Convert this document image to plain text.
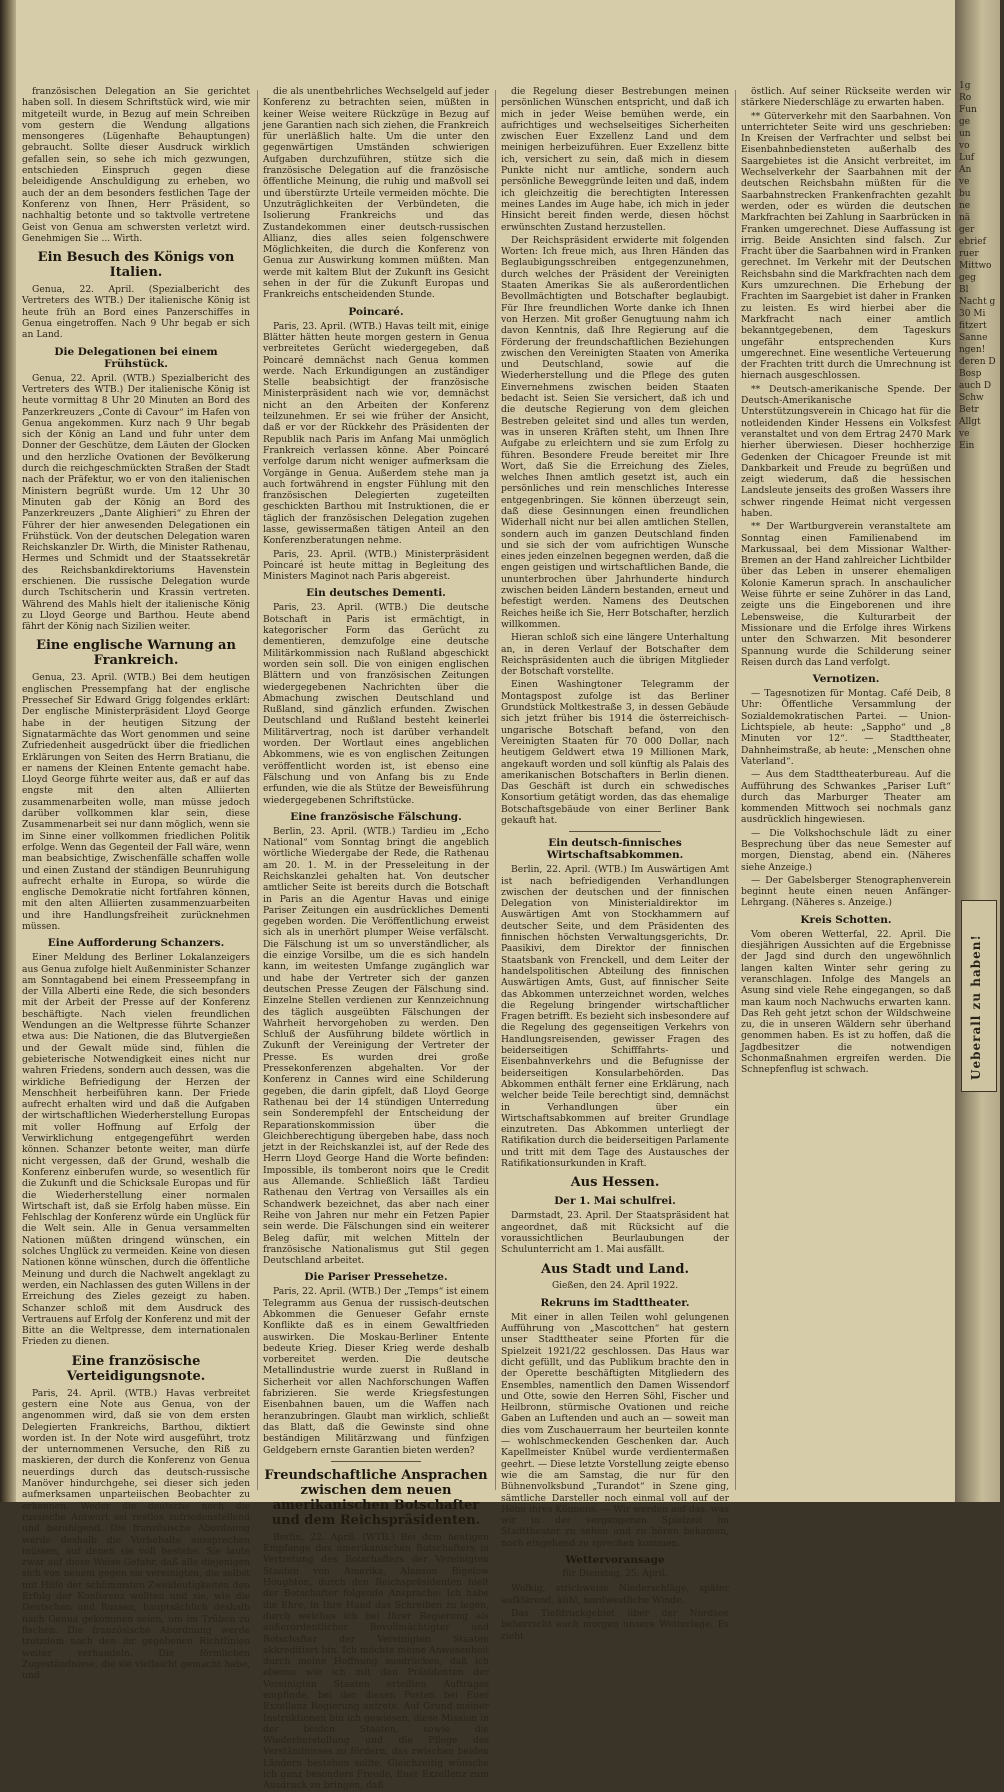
französischen Delegation an Sie gerichtet haben soll. In diesem Schriftstück wird, wie mir mitgeteilt wurde, in Bezug auf mein Schreiben vom gestern die Wendung allgations mensongeres (Lügenhafte Behauptungen) gebraucht. Sollte dieser Ausdruck wirklich gefallen sein, so sehe ich mich gezwungen, entschieden Einspruch gegen diese beleidigende Anschuldigung zu erheben, wo auch der an dem besonders festlichen Tage der Konferenz von Ihnen, Herr Präsident, so nachhaltig betonte und so taktvolle vertretene Geist von Genua am schwersten verletzt wird. Genehmigen Sie ... Wirth.

Ein Besuch des Königs von Italien.

Genua, 22. April. (Spezialbericht des Vertreters des WTB.) Der italienische König ist heute früh an Bord eines Panzerschiffes in Genua eingetroffen. Nach 9 Uhr begab er sich an Land.

Die Delegationen bei einem Frühstück.

Genua, 22. April. (WTB.) Spezialbericht des Vertreters des WTB.) Der italienische König ist heute vormittag 8 Uhr 20 Minuten an Bord des Panzerkreuzers „Conte di Cavour“ im Hafen von Genua angekommen. Kurz nach 9 Uhr begab sich der König an Land und fuhr unter dem Donner der Geschütze, dem Läuten der Glocken und den herzliche Ovationen der Bevölkerung durch die reichgeschmückten Straßen der Stadt nach der Präfektur, wo er von den italienischen Ministern begrüßt wurde. Um 12 Uhr 30 Minuten gab der König an Bord des Panzerkreuzers „Dante Alighieri“ zu Ehren der Führer der hier anwesenden Delegationen ein Frühstück. Von der deutschen Delegation waren Reichskanzler Dr. Wirth, die Minister Rathenau, Hermes und Schmidt und der Staatssekretär des Reichsbankdirektoriums Havenstein erschienen. Die russische Delegation wurde durch Tschitscherin und Krassin vertreten. Während des Mahls hielt der italienische König zu Lloyd George und Barthou. Heute abend fährt der König nach Sizilien weiter.

Eine englische Warnung an Frankreich.

Genua, 23. April. (WTB.) Bei dem heutigen englischen Pressempfang hat der englische Pressechef Sir Edward Grigg folgendes erklärt: Der englische Ministerpräsident Lloyd George habe in der heutigen Sitzung der Signatarmächte das Wort genommen und seine Zufriedenheit ausgedrückt über die friedlichen Erklärungen von Seiten des Herrn Bratianu, die er namens der Kleinen Entente gemacht habe. Lloyd George führte weiter aus, daß er auf das engste mit den alten Alliierten zusammenarbeiten wolle, man müsse jedoch darüber vollkommen klar sein, diese Zusammenarbeit sei nur dann möglich, wenn sie im Sinne einer vollkommen friedlichen Politik erfolge. Wenn das Gegenteil der Fall wäre, wenn man beabsichtige, Zwischenfälle schaffen wolle und einen Zustand der ständigen Beunruhigung aufrecht erhalte in Europa, so würde die englische Demokratie nicht fortfahren können, mit den alten Alliierten zusammenzuarbeiten und ihre Handlungsfreiheit zurücknehmen müssen.

Eine Aufforderung Schanzers.

Einer Meldung des Berliner Lokalanzeigers aus Genua zufolge hielt Außenminister Schanzer am Sonntagabend bei einem Presseempfang in der Villa Alberti eine Rede, die sich besonders mit der Arbeit der Presse auf der Konferenz beschäftigte. Nach vielen freundlichen Wendungen an die Weltpresse führte Schanzer etwa aus: Die Nationen, die das Blutvergießen und der Gewalt müde sind, fühlen die gebieterische Notwendigkeit eines nicht nur wahren Friedens, sondern auch dessen, was die wirkliche Befriedigung der Herzen der Menschheit herbeiführen kann. Der Friede aufrecht erhalten wird und daß die Aufgaben der wirtschaftlichen Wiederherstellung Europas mit voller Hoffnung auf Erfolg der Verwirklichung entgegengeführt werden können. Schanzer betonte weiter, man dürfe nicht vergessen, daß der Grund, weshalb die Konferenz einberufen wurde, so wesentlich für die Zukunft und die Schicksale Europas und für die Wiederherstellung einer normalen Wirtschaft ist, daß sie Erfolg haben müsse. Ein Fehlschlag der Konferenz würde ein Unglück für die Welt sein. Alle in Genua versammelten Nationen müßten dringend wünschen, ein solches Unglück zu vermeiden. Keine von diesen Nationen könne wünschen, durch die öffentliche Meinung und durch die Nachwelt angeklagt zu werden, ein Nachlassen des guten Willens in der Erreichung des Zieles gezeigt zu haben. Schanzer schloß mit dem Ausdruck des Vertrauens auf Erfolg der Konferenz und mit der Bitte an die Weltpresse, dem internationalen Frieden zu dienen.

Eine französische Verteidigungsnote.

Paris, 24. April. (WTB.) Havas verbreitet gestern eine Note aus Genua, von der angenommen wird, daß sie von dem ersten Delegierten Frankreichs, Barthou, diktiert worden ist. In der Note wird ausgeführt, trotz der unternommenen Versuche, den Riß zu maskieren, der durch die Konferenz von Genua neuerdings durch das deutsch-russische Manöver hindurchgehe, sei dieser sich jeden aufmerksamen unparteiischen Beobachter zu erkennen. Weder die deutsche noch die russische Antwort sei restlos zufriedenstellend und beruhigend. Die französische Abordnung werde deshalb die Vorbehalte aussprechen müssen, auf denen sie voll bestehe. Sie laute zwar auf diese Weise Gefahr, daß alle diejenigen sich von neuem gegen sie vereinigten, die selbst mit Hilfe der schlimmsten Zweideutigkeiten den Erfolg der Konferenz wollten und sie, wie die Deutschen und Russen, hauptsächlich deshalb nach Genua gekommen seien, um im Trüben zu fischen. Die französische Abordnung werde trotzdem nach den ihr gegebenen Richtlinien weiter verhandeln. Die förmlichen Zugeständnisse, die sie vielleicht gemacht habe, und

die als unentbehrliches Wechselgeld auf jeder Konferenz zu betrachten seien, müßten in keiner Weise weitere Rückzüge in Bezug auf jene Garantien nach sich ziehen, die Frankreich für unerläßlich halte. Um die unter den gegenwärtigen Umständen schwierigen Aufgaben durchzuführen, stütze sich die französische Delegation auf die französische öffentliche Meinung, die ruhig und maßvoll sei und überstürzte Urteile vermeiden möchte. Die Unzuträglichkeiten der Verbündeten, die Isolierung Frankreichs und das Zustandekommen einer deutsch-russischen Allianz, dies alles seien folgenschwere Möglichkeiten, die durch die Konferenz von Genua zur Auswirkung kommen müßten. Man werde mit kaltem Blut der Zukunft ins Gesicht sehen in der für die Zukunft Europas und Frankreichs entscheidenden Stunde.

Poincaré.

Paris, 23. April. (WTB.) Havas teilt mit, einige Blätter hätten heute morgen gestern in Genua verbreitetes Gerücht wiedergegeben, daß Poincaré demnächst nach Genua kommen werde. Nach Erkundigungen an zuständiger Stelle beabsichtigt der französische Ministerpräsident nach wie vor, demnächst nicht an den Arbeiten der Konferenz teilzunehmen. Er sei wie früher der Ansicht, daß er vor der Rückkehr des Präsidenten der Republik nach Paris im Anfang Mai unmöglich Frankreich verlassen könne. Aber Poincaré verfolge darum nicht weniger aufmerksam die Vorgänge in Genua. Außerdem stehe man ja auch fortwährend in engster Fühlung mit den französischen Delegierten zugeteilten geschickten Barthou mit Instruktionen, die er täglich der französischen Delegation zugehen lasse, gewissermaßen tätigen Anteil an den Konferenzberatungen nehme.

Paris, 23. April. (WTB.) Ministerpräsident Poincaré ist heute mittag in Begleitung des Ministers Maginot nach Paris abgereist.

Ein deutsches Dementi.

Paris, 23. April. (WTB.) Die deutsche Botschaft in Paris ist ermächtigt, in kategorischer Form das Gerücht zu dementieren, demzufolge eine deutsche Militärkommission nach Rußland abgeschickt worden sein soll. Die von einigen englischen Blättern und von französischen Zeitungen wiedergegebenen Nachrichten über die Abmachung zwischen Deutschland und Rußland, sind gänzlich erfunden. Zwischen Deutschland und Rußland besteht keinerlei Militärvertrag, noch ist darüber verhandelt worden. Der Wortlaut eines angeblichen Abkommens, wie es von englischen Zeitungen veröffentlicht worden ist, ist ebenso eine Fälschung und von Anfang bis zu Ende erfunden, wie die als Stütze der Beweisführung wiedergegebenen Schriftstücke.

Eine französische Fälschung.

Berlin, 23. April. (WTB.) Tardieu im „Echo National“ vom Sonntag bringt die angeblich wörtliche Wiedergabe der Rede, die Rathenau am 20. 1. M. in der Presseleitung in der Reichskanzlei gehalten hat. Von deutscher amtlicher Seite ist bereits durch die Botschaft in Paris an die Agentur Havas und einige Pariser Zeitungen ein ausdrückliches Dementi gegeben worden. Die Veröffentlichung erweist sich als in unerhört plumper Weise verfälscht. Die Fälschung ist um so unverständlicher, als die einzige Vorsilbe, um die es sich handeln kann, im weitesten Umfange zugänglich war und habe der Vertreter sich der ganzen deutschen Presse Zeugen der Fälschung sind. Einzelne Stellen verdienen zur Kennzeichnung des täglich ausgeübten Fälschungen der Wahrheit hervorgehoben zu werden. Den Schluß der Ausführung bildete wörtlich in Zukunft der Vereinigung der Vertreter der Presse. Es wurden drei große Pressekonferenzen abgehalten. Vor der Konferenz in Cannes wird eine Schilderung gegeben, die darin gipfelt, daß Lloyd George Rathenau bei der 14 stündigen Unterredung sein Sonderempfehl der Entscheidung der Reparationskommission über die Gleichberechtigung übergeben habe, dass noch jetzt in der Reichskanzlei ist, auf der Rede des Herrn Lloyd George Hand die Worte befinden: Impossible, ils tomberont noirs que le Credit aus Allemande. Schließlich läßt Tardieu Rathenau den Vertrag von Versailles als ein Schandwerk bezeichnet, das aber nach einer Reihe von Jahren nur mehr ein Fetzen Papier sein werde. Die Fälschungen sind ein weiterer Beleg dafür, mit welchen Mitteln der französische Nationalismus gut Stil gegen Deutschland arbeitet.

Die Pariser Pressehetze.

Paris, 22. April. (WTB.) Der „Temps“ ist einem Telegramm aus Genua der russisch-deutschen Abkommen die Genueser Gefahr ernste Konflikte daß es in einem Gewaltfrieden auswirken. Die Moskau-Berliner Entente bedeute Krieg. Dieser Krieg werde deshalb vorbereitet werden. Die deutsche Metallindustrie wurde zuerst in Rußland in Sicherheit vor allen Nachforschungen Waffen fabrizieren. Sie werde Kriegsfestungen Eisenbahnen bauen, um die Waffen nach heranzubringen. Glaubt man wirklich, schließt das Blatt, daß die Gewinste sind ohne beständigen Militärzwang und fünfzigen Geldgebern ernste Garantien bieten werden?

Freundschaftliche Ansprachen zwischen dem neuen amerikanischen Botschafter und dem Reichspräsidenten.

Berlin, 22. April. (WTB.) Bei dem heutigen Empfange des amerikanischen Botschafters in Vertretung des Botschafters der Vereinigten Staaten von Amerika, Alanson Bigelow Houghton, durch den Reichspräsidenten hielt der Botschafter folgende Ansprache: Ich habe die Ehre, in Ihre Hand das Schreiben zu legen, durch welches ich bei Ihrer Regierung als außerordentlicher Bevollmächtigter und Botschafter der Vereinigten Staaten akkreditiert bin. Ich möchte meine Anwesenheit durch meine Hoffnung ausdrücken, daß ich ebenso wie ich mit den Präsidenten der Vereinigten Staaten erteilten Auftrages empfinde, bei der diesen Posten bei Euer Exzellenz Regierung antrete. Auf Grund meiner Instruktionen bin ich gewiesen, diese Mission in der beiden Staaten, sowie die Wiederherstellung und die Pflege des Verständnisses zu fördern, das zwischen beiden Ländern bestehen sollte. Gleichzeitig wünsche ich ganz besonders Freude, Euer Exzellenz zum Ausdruck zu bringen, daß

die Regelung dieser Bestrebungen meinen persönlichen Wünschen entspricht, und daß ich mich in jeder Weise bemühen werde, ein aufrichtiges und wechselseitiges Sicherheiten zwischen Euer Exzellenz Land und dem meinigen herbeizuführen. Euer Exzellenz bitte ich, versichert zu sein, daß mich in diesem Punkte nicht nur amtliche, sondern auch persönliche Beweggründe leiten und daß, indem ich gleichzeitig die berechtigten Interessen meines Landes im Auge habe, ich mich in jeder Hinsicht bereit finden werde, diesen höchst erwünschten Zustand herzustellen.

Der Reichspräsident erwiderte mit folgenden Worten: Ich freue mich, aus Ihren Händen das Beglaubigungsschreiben entgegenzunehmen, durch welches der Präsident der Vereinigten Staaten Amerikas Sie als außerordentlichen Bevollmächtigten und Botschafter beglaubigt. Für Ihre freundlichen Worte danke ich Ihnen von Herzen. Mit großer Genugtuung nahm ich davon Kenntnis, daß Ihre Regierung auf die Förderung der freundschaftlichen Beziehungen zwischen den Vereinigten Staaten von Amerika und Deutschland, sowie auf die Wiederherstellung und die Pflege des guten Einvernehmens zwischen beiden Staaten bedacht ist. Seien Sie versichert, daß ich und die deutsche Regierung von dem gleichen Bestreben geleitet sind und alles tun werden, was in unseren Kräften steht, um Ihnen Ihre Aufgabe zu erleichtern und sie zum Erfolg zu führen. Besondere Freude bereitet mir Ihre Wort, daß Sie die Erreichung des Zieles, welches Ihnen amtlich gesetzt ist, auch ein persönliches und rein menschliches Interesse entgegenbringen. Sie können überzeugt sein, daß diese Gesinnungen einen freundlichen Widerhall nicht nur bei allen amtlichen Stellen, sondern auch im ganzen Deutschland finden und sie sich der vom aufrichtigen Wunsche eines jeden einzelnen begegnen werden, daß die engen geistigen und wirtschaftlichen Bande, die ununterbrochen über Jahrhunderte hindurch zwischen beiden Ländern bestanden, erneut und befestigt werden. Namens des Deutschen Reiches heiße ich Sie, Herr Botschafter, herzlich willkommen.

Hieran schloß sich eine längere Unterhaltung an, in deren Verlauf der Botschafter dem Reichspräsidenten auch die übrigen Mitglieder der Botschaft vorstellte.

Einen Washingtoner Telegramm der Montagspost zufolge ist das Berliner Grundstück Moltkestraße 3, in dessen Gebäude sich jetzt früher bis 1914 die österreichisch-ungarische Botschaft befand, von den Vereinigten Staaten für 70 000 Dollar, nach heutigem Geldwert etwa 19 Millionen Mark, angekauft worden und soll künftig als Palais des amerikanischen Botschafters in Berlin dienen. Das Geschäft ist durch ein schwedisches Konsortium getätigt worden, das das ehemalige Botschaftsgebäude von einer Berliner Bank gekauft hat.

Ein deutsch-finnisches Wirtschaftsabkommen.

Berlin, 22. April. (WTB.) Im Auswärtigen Amt ist nach befriedigenden Verhandlungen zwischen der deutschen und der finnischen Delegation von Ministerialdirektor im Auswärtigen Amt von Stockhammern auf deutscher Seite, und dem Präsidenten des finnischen höchsten Verwaltungsgerichts, Dr. Paasikivi, dem Direktor der finnischen Staatsbank von Frenckell, und dem Leiter der handelspolitischen Abteilung des finnischen Auswärtigen Amts, Gust, auf finnischer Seite das Abkommen unterzeichnet worden, welches die Regelung bringender wirtschaftlicher Fragen betrifft. Es bezieht sich insbesondere auf die Regelung des gegenseitigen Verkehrs von Handlungsreisenden, gewisser Fragen des beiderseitigen Schifffahrts- und Eisenbahnverkehrs und die Befugnisse der beiderseitigen Konsularbehörden. Das Abkommen enthält ferner eine Erklärung, nach welcher beide Teile berechtigt sind, demnächst in Verhandlungen über ein Wirtschaftsabkommen auf breiter Grundlage einzutreten. Das Abkommen unterliegt der Ratifikation durch die beiderseitigen Parlamente und tritt mit dem Tage des Austausches der Ratifikationsurkunden in Kraft.

Aus Hessen.
Der 1. Mai schulfrei.

Darmstadt, 23. April. Der Staatspräsident hat angeordnet, daß mit Rücksicht auf die voraussichtlichen Beurlaubungen der Schulunterricht am 1. Mai ausfällt.

Aus Stadt und Land.

Gießen, den 24. April 1922.

Rekruns im Stadttheater.

Mit einer in allen Teilen wohl gelungenen Aufführung von „Mascottchen“ hat gestern unser Stadttheater seine Pforten für die Spielzeit 1921/22 geschlossen. Das Haus war dicht gefüllt, und das Publikum brachte den in der Operette beschäftigten Mitgliedern des Ensembles, namentlich den Damen Wissendorf und Otte, sowie den Herren Söhl, Fischer und Heilbronn, stürmische Ovationen und reiche Gaben an Luftenden und auch an — soweit man dies vom Zuschauerraum her beurteilen konnte — wohlschmeckenden Geschenken dar. Auch Kapellmeister Knübel wurde verdientermaßen geehrt. — Diese letzte Vorstellung zeigte ebenso wie die am Samstag, die nur für den Bühnenvolksbund „Turandot“ in Szene ging, sämtliche Darsteller noch einmal voll auf der Höhe ihres Könnens. — Wir werden auf das, was wir in der vergangenen Spielzeit im Stadttheater zu sehen und zu hören bekamen, noch eingehend zu sprechen kommen.

Wettervoransage

für Dienstag, 25. April.

Wolkig, strichweise Niederschläge, später aufklärend, kühl, nordwestliche Winde.

Das Tiefdruckgebiet über der Nordsee beherrscht auch morgen unsere Wetterlage. Es zieht

östlich. Auf seiner Rückseite werden wir stärkere Niederschläge zu erwarten haben.

** Güterverkehr mit den Saarbahnen. Von unterrichteter Seite wird uns geschrieben: In Kreisen der Verfrachter und selbst bei Eisenbahnbediensteten außerhalb des Saargebietes ist die Ansicht verbreitet, im Wechselverkehr der Saarbahnen mit der deutschen Reichsbahn müßten für die Saarbahnstrecken Frankenfrachten gezahlt werden, oder es würden die deutschen Markfrachten bei Zahlung in Saarbrücken in Franken umgerechnet. Diese Auffassung ist irrig. Beide Ansichten sind falsch. Zur Fracht über die Saarbahnen wird in Franken gerechnet. Im Verkehr mit der Deutschen Reichsbahn sind die Markfrachten nach dem Kurs umzurechnen. Die Erhebung der Frachten im Saargebiet ist daher in Franken zu leisten. Es wird hierbei aber die Markfracht nach einer amtlich bekanntgegebenen, dem Tageskurs ungefähr entsprechenden Kurs umgerechnet. Eine wesentliche Verteuerung der Frachten tritt durch die Umrechnung ist hiernach ausgeschlossen.

** Deutsch-amerikanische Spende. Der Deutsch-Amerikanische Unterstützungsverein in Chicago hat für die notleidenden Kinder Hessens ein Volksfest veranstaltet und von dem Ertrag 2470 Mark hierher überwiesen. Dieser hochherzige Gedenken der Chicagoer Freunde ist mit Dankbarkeit und Freude zu begrüßen und zeigt wiederum, daß die hessischen Landsleute jenseits des großen Wassers ihre schwer ringende Heimat nicht vergessen haben.

** Der Wartburgverein veranstaltete am Sonntag einen Familienabend im Markussaal, bei dem Missionar Walther-Bremen an der Hand zahlreicher Lichtbilder über das Leben in unserer ehemaligen Kolonie Kamerun sprach. In anschaulicher Weise führte er seine Zuhörer in das Land, zeigte uns die Eingeborenen und ihre Lebensweise, die Kulturarbeit der Missionare und die Erfolge ihres Wirkens unter den Schwarzen. Mit besonderer Spannung wurde die Schilderung seiner Reisen durch das Land verfolgt.

Vernotizen.

— Tagesnotizen für Montag. Café Deib, 8 Uhr: Öffentliche Versammlung der Sozialdemokratischen Partei. — Union-Lichtspiele, ab heute: „Sappho“ und „8 Minuten vor 12“. — Stadttheater, Dahnheimstraße, ab heute: „Menschen ohne Vaterland“.

— Aus dem Stadttheaterbureau. Auf die Aufführung des Schwankes „Pariser Luft“ durch das Marburger Theater am kommenden Mittwoch sei nochmals ganz ausdrücklich hingewiesen.

— Die Volkshochschule lädt zu einer Besprechung über das neue Semester auf morgen, Dienstag, abend ein. (Näheres siehe Anzeige.)

— Der Gabelsberger Stenographenverein beginnt heute einen neuen Anfänger-Lehrgang. (Näheres s. Anzeige.)

Kreis Schotten.

Vom oberen Wetterfal, 22. April. Die diesjährigen Aussichten auf die Ergebnisse der Jagd sind durch den ungewöhnlich langen kalten Winter sehr gering zu veranschlagen. Infolge des Mangels an Asung sind viele Rehe eingegangen, so daß man kaum noch Nachwuchs erwarten kann. Das Reh geht jetzt schon der Wildschweine zu, die in unseren Wäldern sehr überhand genommen haben. Es ist zu hoffen, daß die Jagdbesitzer die notwendigen Schonmaßnahmen ergreifen werden. Die Schnepfenflug ist schwach.

1g
Ro
Fun
ge
un
vo
Luf
An
ve
bu
ne
nä
ger
ebrief
ruer
Mittwo
geg
Bl
Nacht g
30 Mi
fitzert
Sanne
ngen!
deren D
Bosp
auch D
Schw
Betr
Allgt
ve
Ein
Ueberall zu haben!
